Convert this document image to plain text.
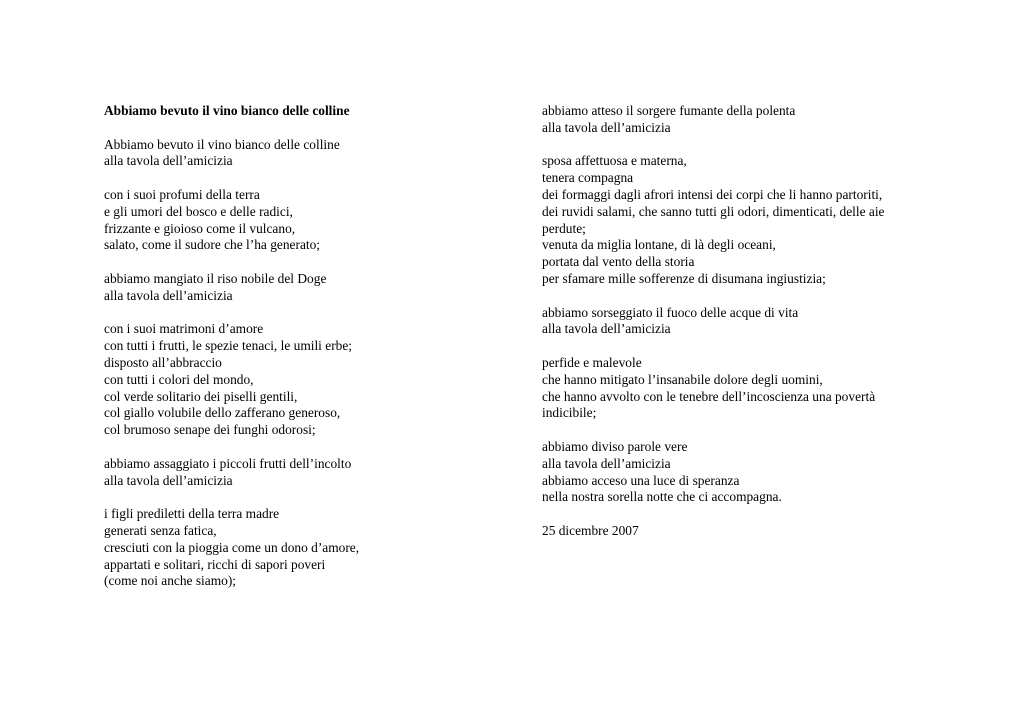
Abbiamo bevuto il vino bianco delle colline
Abbiamo bevuto il vino bianco delle colline
alla tavola dell’amicizia
con i suoi profumi della terra
e gli umori del bosco e delle radici,
frizzante e gioioso come il vulcano,
salato, come il sudore che l’ha generato;
abbiamo mangiato il riso nobile del Doge
alla tavola dell’amicizia
con i suoi matrimoni d’amore
con tutti i frutti, le spezie tenaci, le umili erbe;
disposto all’abbraccio
con tutti i colori del mondo,
col verde solitario dei piselli gentili,
col giallo volubile dello zafferano generoso,
col brumoso senape dei funghi odorosi;
abbiamo assaggiato i piccoli frutti dell’incolto
alla tavola dell’amicizia
i figli prediletti della terra madre
generati senza fatica,
cresciuti con la pioggia come un dono d’amore,
appartati e solitari, ricchi di sapori poveri
(come noi anche siamo);
abbiamo atteso il sorgere fumante della polenta
alla tavola dell’amicizia
sposa affettuosa e materna,
tenera compagna
dei formaggi dagli afrori intensi dei corpi che li hanno partoriti,
dei ruvidi salami, che sanno tutti gli odori, dimenticati, delle aie
perdute;
venuta da miglia lontane, di là degli oceani,
portata dal vento della storia
per sfamare mille sofferenze di disumana ingiustizia;
abbiamo sorseggiato il fuoco delle acque di vita
alla tavola dell’amicizia
perfide e malevole
che hanno mitigato l’insanabile dolore degli uomini,
che hanno avvolto con le tenebre dell’incoscienza una povertà
indicibile;
abbiamo diviso parole vere
alla tavola dell’amicizia
abbiamo acceso una luce di speranza
nella nostra sorella notte che ci accompagna.
25 dicembre 2007
